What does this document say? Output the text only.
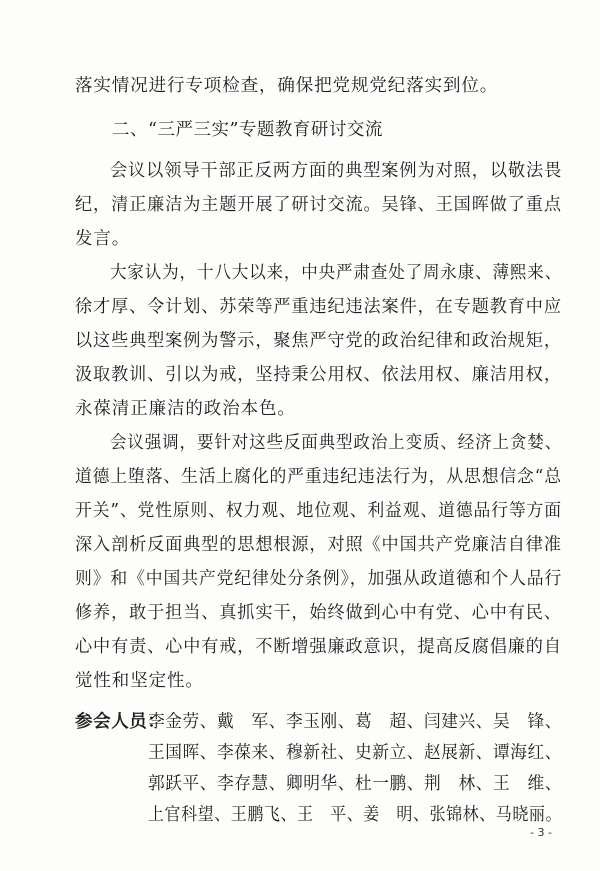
落实情况进行专项检查，确保把党规党纪落实到位。
二、“三严三实”专题教育研讨交流
会议以领导干部正反两方面的典型案例为对照，以敬法畏
纪，清正廉洁为主题开展了研讨交流。吴锋、王国晖做了重点
发言。
大家认为，十八大以来，中央严肃查处了周永康、薄熙来、
徐才厚、令计划、苏荣等严重违纪违法案件，在专题教育中应
以这些典型案例为警示，聚焦严守党的政治纪律和政治规矩，
汲取教训、引以为戒，坚持秉公用权、依法用权、廉洁用权，
永葆清正廉洁的政治本色。
会议强调，要针对这些反面典型政治上变质、经济上贪婪、
道德上堕落、生活上腐化的严重违纪违法行为，从思想信念“总
开关”、党性原则、权力观、地位观、利益观、道德品行等方面
深入剖析反面典型的思想根源，对照《中国共产党廉洁自律准
则》和《中国共产党纪律处分条例》，加强从政道德和个人品行
修养，敢于担当、真抓实干，始终做到心中有党、心中有民、
心中有责、心中有戒，不断增强廉政意识，提高反腐倡廉的自
觉性和坚定性。
参会人员：
李金劳、戴　军、李玉刚、葛　超、闫建兴、吴　锋、
王国晖、李葆来、穆新社、史新立、赵展新、谭海红、
郭跃平、李存慧、卿明华、杜一鹏、荆　林、王　维、
上官科望、王鹏飞、王　平、姜　明、张锦林、马晓丽。
- 3 -
